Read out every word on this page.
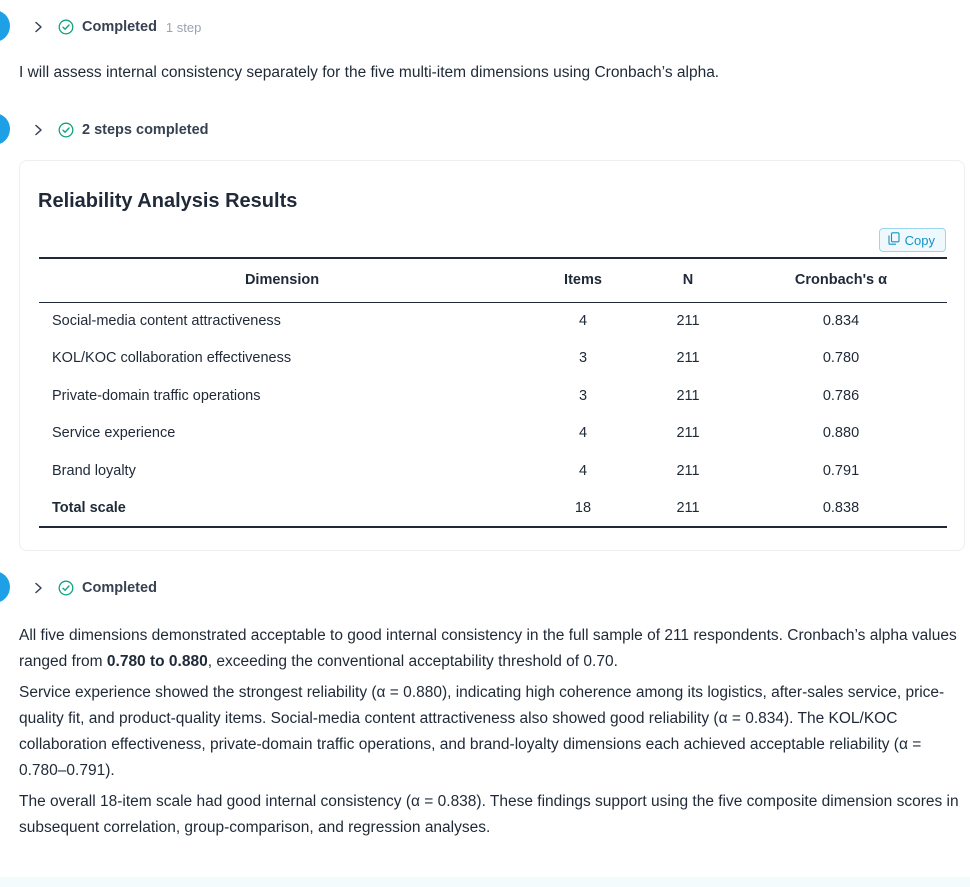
Completed 1 step
I will assess internal consistency separately for the five multi-item dimensions using Cronbach’s alpha.
2 steps completed
Reliability Analysis Results
Copy
Dimension	Items	N	Cronbach's α
Social-media content attractiveness	4	211	0.834
KOL/KOC collaboration effectiveness	3	211	0.780
Private-domain traffic operations	3	211	0.786
Service experience	4	211	0.880
Brand loyalty	4	211	0.791
Total scale	18	211	0.838
Completed

All five dimensions demonstrated acceptable to good internal consistency in the full sample of 211 respondents. Cronbach’s alpha values ranged from 0.780 to 0.880, exceeding the conventional acceptability threshold of 0.70.

Service experience showed the strongest reliability (α = 0.880), indicating high coherence among its logistics, after-sales service, price-quality fit, and product-quality items. Social-media content attractiveness also showed good reliability (α = 0.834). The KOL/KOC collaboration effectiveness, private-domain traffic operations, and brand-loyalty dimensions each achieved acceptable reliability (α = 0.780–0.791).

The overall 18-item scale had good internal consistency (α = 0.838). These findings support using the five composite dimension scores in subsequent correlation, group-comparison, and regression analyses.
